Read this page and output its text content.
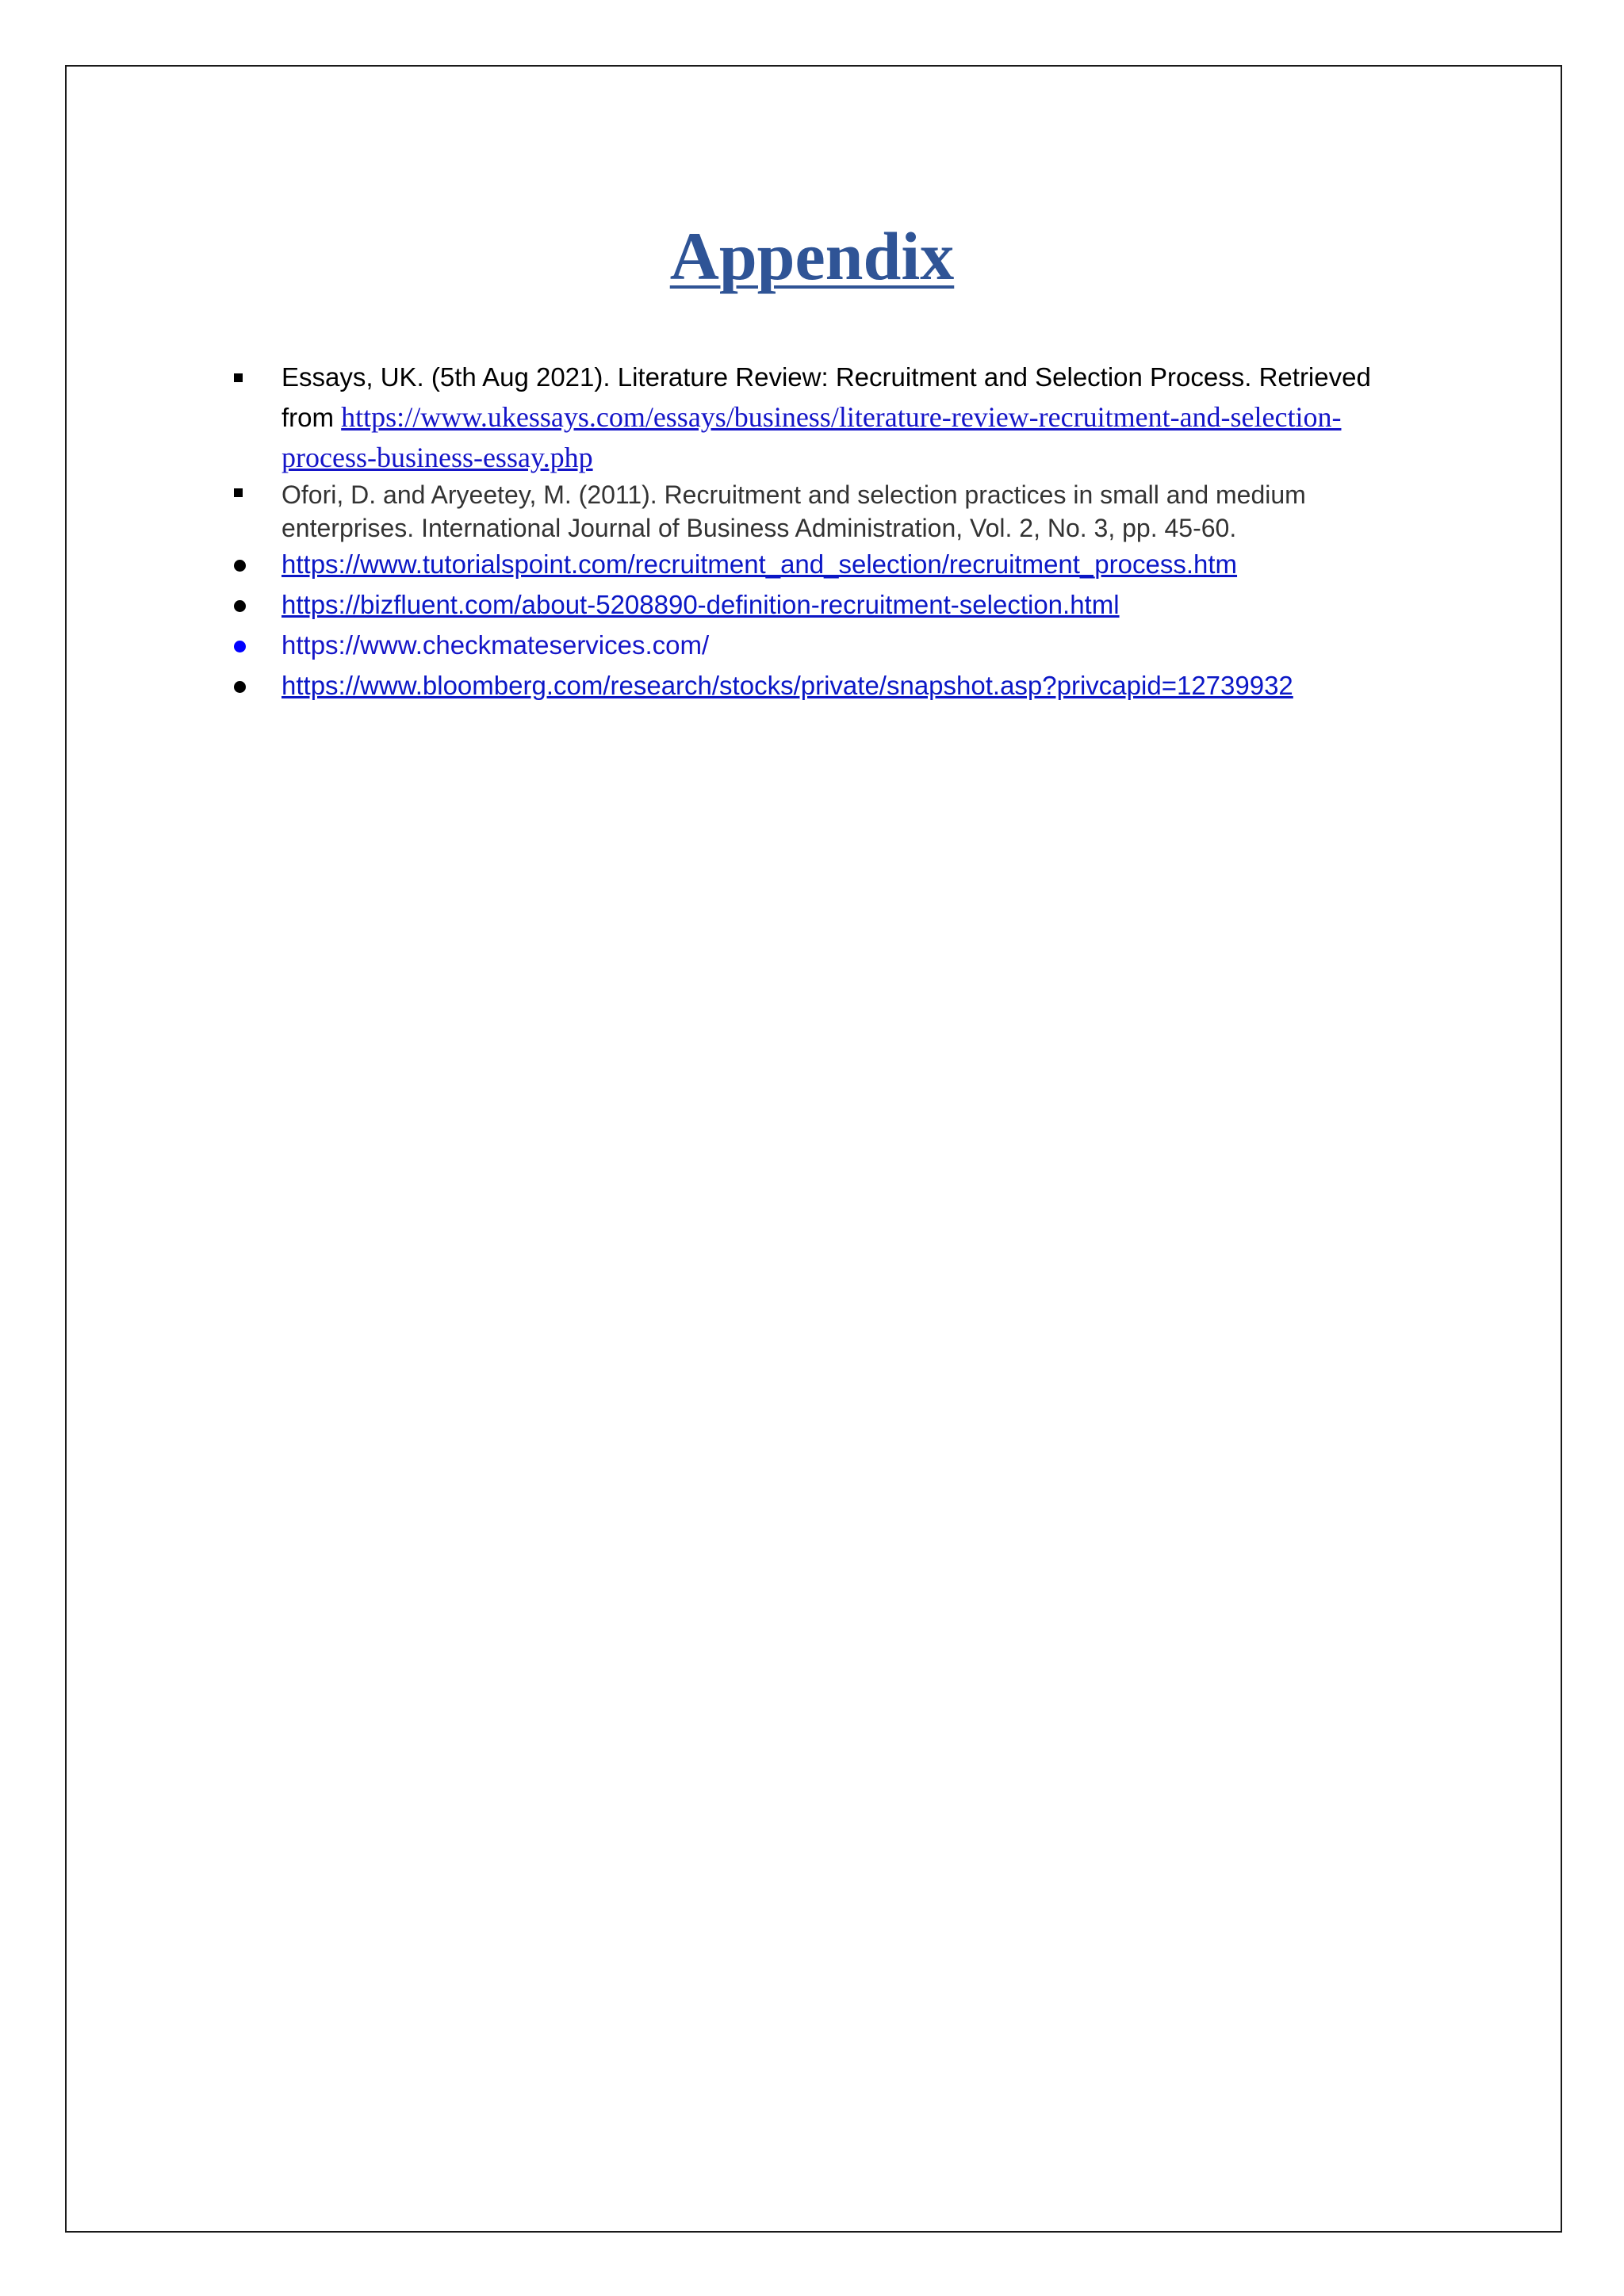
Appendix
Essays, UK. (5th Aug 2021). Literature Review: Recruitment and Selection Process. Retrieved from https://www.ukessays.com/essays/business/literature-review-recruitment-and-selection-
process-business-essay.php
Ofori, D. and Aryeetey, M. (2011). Recruitment and selection practices in small and medium
enterprises. International Journal of Business Administration, Vol. 2, No. 3, pp. 45-60.
https://www.tutorialspoint.com/recruitment_and_selection/recruitment_process.htm
https://bizfluent.com/about-5208890-definition-recruitment-selection.html
https://www.checkmateservices.com/
https://www.bloomberg.com/research/stocks/private/snapshot.asp?privcapid=12739932
